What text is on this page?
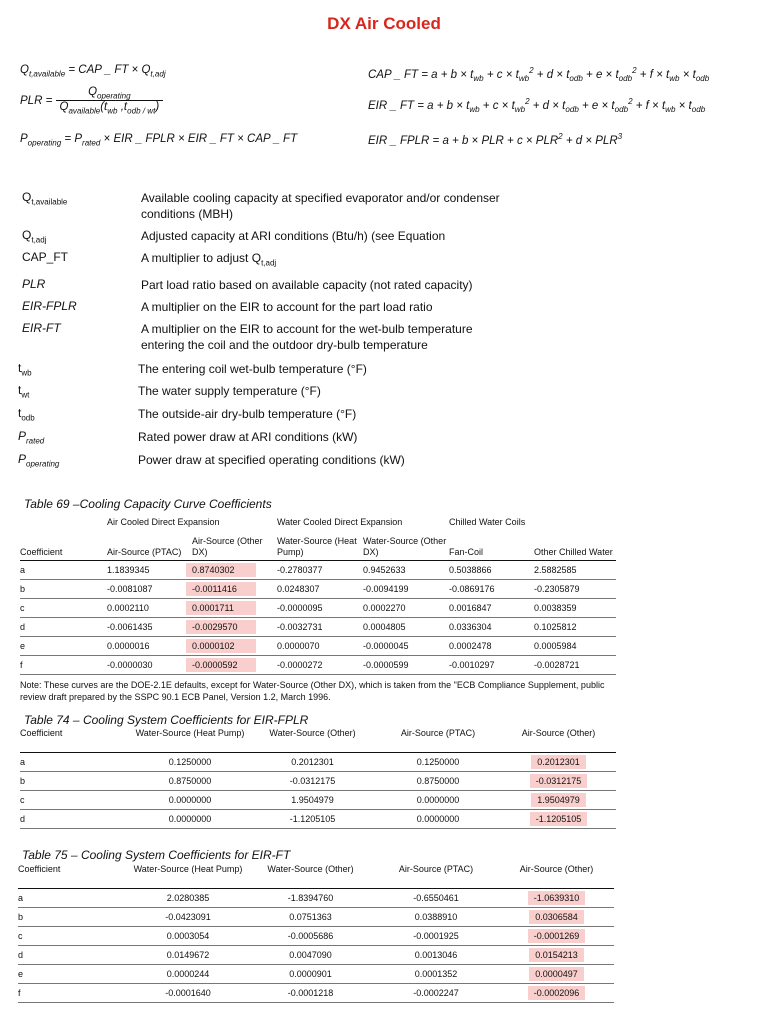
DX Air Cooled
$Q_{t,available}$ = CAP _ FT × $Q_{t,adj}$
PLR = $\frac{Q_{operating}}{Q_{available}(t_{wb} ,t_{odb / wt})}$
$P_{operating} = P_{rated}$ × EIR _ FPLR × EIR _ FT × CAP _ FT
CAP _ FT = $a + b \times t_{wb} + c \times t_{wb}^2 + d \times t_{odb} + e \times t_{odb}^2 + f \times t_{wb} \times t_{odb}$
EIR _ FT = $a + b \times t_{wb} + c \times t_{wb}^2 + d \times t_{odb} + e \times t_{odb}^2 + f \times t_{wb} \times t_{odb}$
EIR _ FPLR = a + b × PLR + $c \times PLR^2 + d \times PLR^3$
$Q_{t,available}$	Available cooling capacity at specified evaporator and/or condenser conditions (MBH)
$Q_{t,adj}$	Adjusted capacity at ARI conditions (Btu/h) (see Equation
CAP_FT	A multiplier to adjust $Q_{t,adj}$
PLR	Part load ratio based on available capacity (not rated capacity)
EIR-FPLR	A multiplier on the EIR to account for the part load ratio
EIR-FT	A multiplier on the EIR to account for the wet-bulb temperature entering the coil and the outdoor dry-bulb temperature
$t_{wb}$	The entering coil wet-bulb temperature (°F)
$t_{wt}$	The water supply temperature (°F)
$t_{odb}$	The outside-air dry-bulb temperature (°F)
$P_{rated}$	Rated power draw at ARI conditions (kW)
$P_{operating}$	Power draw at specified operating conditions (kW)
Table 69 –Cooling Capacity Curve Coefficients
	Air Cooled Direct Expansion		Water Cooled Direct Expansion		Chilled Water Coils	
Coefficient	Air-Source (PTAC)	Air-Source (Other DX)	Water-Source (Heat Pump)	Water-Source (Other DX)	Fan-Coil	Other Chilled Water
a	1.1839345	0.8740302	-0.2780377	0.9452633	0.5038866	2.5882585
b	-0.0081087	-0.0011416	0.0248307	-0.0094199	-0.0869176	-0.2305879
c	0.0002110	0.0001711	-0.0000095	0.0002270	0.0016847	0.0038359
d	-0.0061435	-0.0029570	-0.0032731	0.0004805	0.0336304	0.1025812
e	0.0000016	0.0000102	0.0000070	-0.0000045	0.0002478	0.0005984
f	-0.0000030	-0.0000592	-0.0000272	-0.0000599	-0.0010297	-0.0028721
Note: These curves are the DOE-2.1E defaults, except for Water-Source (Other DX), which is taken from the "ECB Compliance Supplement, public review draft prepared by the SSPC 90.1 ECB Panel, Version 1.2, March 1996.
Table 74 – Cooling System Coefficients for EIR-FPLR
Coefficient	Water-Source (Heat Pump)	Water-Source (Other)	Air-Source (PTAC)	Air-Source (Other)
a	0.1250000	0.2012301	0.1250000	0.2012301
b	0.8750000	-0.0312175	0.8750000	-0.0312175
c	0.0000000	1.9504979	0.0000000	1.9504979
d	0.0000000	-1.1205105	0.0000000	-1.1205105
Table 75 – Cooling System Coefficients for EIR-FT
Coefficient	Water-Source (Heat Pump)	Water-Source (Other)	Air-Source (PTAC)	Air-Source (Other)
a	2.0280385	-1.8394760	-0.6550461	-1.0639310
b	-0.0423091	0.0751363	0.0388910	0.0306584
c	0.0003054	-0.0005686	-0.0001925	-0.0001269
d	0.0149672	0.0047090	0.0013046	0.0154213
e	0.0000244	0.0000901	0.0001352	0.0000497
f	-0.0001640	-0.0001218	-0.0002247	-0.0002096
